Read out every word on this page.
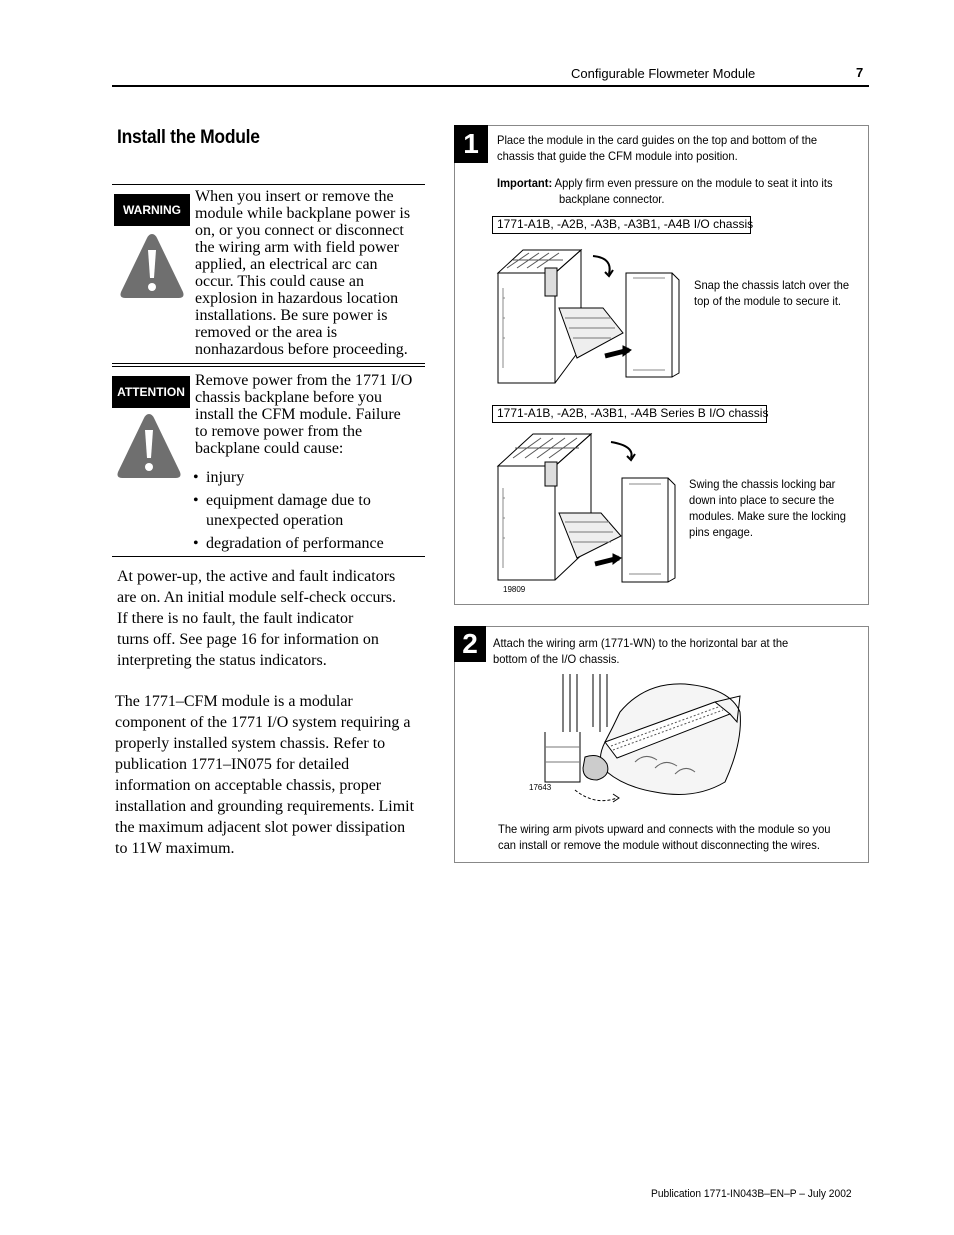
Configurable Flowmeter Module	7
Install the Module
WARNING
When you insert or remove the
module while backplane power is
on, or you connect or disconnect
the wiring arm with field power
applied, an electrical arc can
occur. This could cause an
explosion in hazardous location
installations. Be sure power is
removed or the area is
nonhazardous before proceeding.
ATTENTION
Remove power from the 1771 I/O
chassis backplane before you
install the CFM module. Failure
to remove power from the
backplane could cause:
• injury
• equipment damage due to
unexpected operation
• degradation of performance
At power-up, the active and fault indicators
are on. An initial module self-check occurs.
If there is no fault, the fault indicator
turns off. See page 16 for information on
interpreting the status indicators.
The 1771–CFM module is a modular
component of the 1771 I/O system requiring a
properly installed system chassis. Refer to
publication 1771–IN075 for detailed
information on acceptable chassis, proper
installation and grounding requirements. Limit
the maximum adjacent slot power dissipation
to 11W maximum.
1	Place the module in the card guides on the top and bottom of the
chassis that guide the CFM module into position.
Important: Apply firm even pressure on the module to seat it into its
backplane connector.
1771-A1B, -A2B, -A3B, -A3B1, -A4B I/O chassis
Snap the chassis latch over the
top of the module to secure it.
1771-A1B, -A2B, -A3B1, -A4B Series B I/O chassis
Swing the chassis locking bar
down into place to secure the
modules. Make sure the locking
pins engage.
19809
2	Attach the wiring arm (1771-WN) to the horizontal bar at the
bottom of the I/O chassis.
17643
The wiring arm pivots upward and connects with the module so you
can install or remove the module without disconnecting the wires.
Publication 1771-IN043B–EN–P – July 2002
